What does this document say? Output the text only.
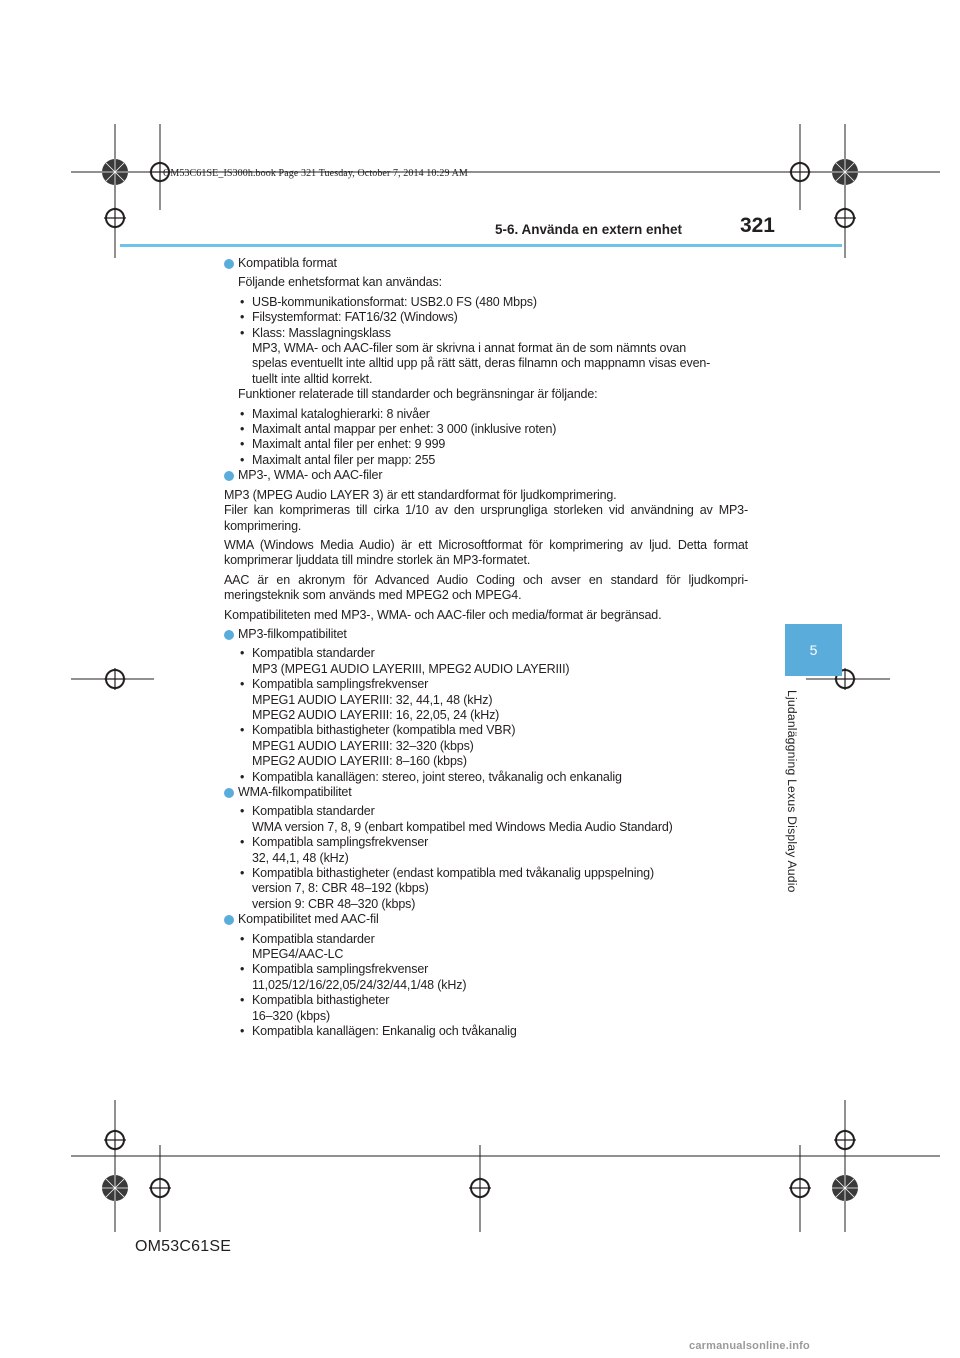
OM53C61SE_IS300h.book Page 321 Tuesday, October 7, 2014 10:29 AM
5-6. Använda en extern enhet	321
5
Ljudanläggning Lexus Display Audio

Kompatibla format

Följande enhetsformat kan användas:

• USB-kommunikationsformat: USB2.0 FS (480 Mbps)

• Filsystemformat: FAT16/32 (Windows)

• Klass: Masslagningsklass

MP3, WMA- och AAC-filer som är skrivna i annat format än de som nämnts ovan

spelas eventuellt inte alltid upp på rätt sätt, deras filnamn och mappnamn visas even-

tuellt inte alltid korrekt.

Funktioner relaterade till standarder och begränsningar är följande:

• Maximal kataloghierarki: 8 nivåer

• Maximalt antal mappar per enhet: 3 000 (inklusive roten)

• Maximalt antal filer per enhet: 9 999

• Maximalt antal filer per mapp: 255

MP3-, WMA- och AAC-filer

MP3 (MPEG Audio LAYER 3) är ett standardformat för ljudkomprimering.

Filer kan komprimeras till cirka 1/10 av den ursprungliga storleken vid användning av MP3-komprimering.

WMA (Windows Media Audio) är ett Microsoftformat för komprimering av ljud. Detta format komprimerar ljuddata till mindre storlek än MP3-formatet.

AAC är en akronym för Advanced Audio Coding och avser en standard för ljudkompri-meringsteknik som används med MPEG2 och MPEG4.

Kompatibiliteten med MP3-, WMA- och AAC-filer och media/format är begränsad.

MP3-filkompatibilitet

• Kompatibla standarder

MP3 (MPEG1 AUDIO LAYERIII, MPEG2 AUDIO LAYERIII)

• Kompatibla samplingsfrekvenser

MPEG1 AUDIO LAYERIII: 32, 44,1, 48 (kHz)

MPEG2 AUDIO LAYERIII: 16, 22,05, 24 (kHz)

• Kompatibla bithastigheter (kompatibla med VBR)

MPEG1 AUDIO LAYERIII: 32–320 (kbps)

MPEG2 AUDIO LAYERIII: 8–160 (kbps)

• Kompatibla kanallägen: stereo, joint stereo, tvåkanalig och enkanalig

WMA-filkompatibilitet

• Kompatibla standarder

WMA version 7, 8, 9 (enbart kompatibel med Windows Media Audio Standard)

• Kompatibla samplingsfrekvenser

32, 44,1, 48 (kHz)

• Kompatibla bithastigheter (endast kompatibla med tvåkanalig uppspelning)

version 7, 8: CBR 48–192 (kbps)

version 9: CBR 48–320 (kbps)

Kompatibilitet med AAC-fil

• Kompatibla standarder

MPEG4/AAC-LC

• Kompatibla samplingsfrekvenser

11,025/12/16/22,05/24/32/44,1/48 (kHz)

• Kompatibla bithastigheter

16–320 (kbps)

• Kompatibla kanallägen: Enkanalig och tvåkanalig

OM53C61SE
carmanualsonline.info
